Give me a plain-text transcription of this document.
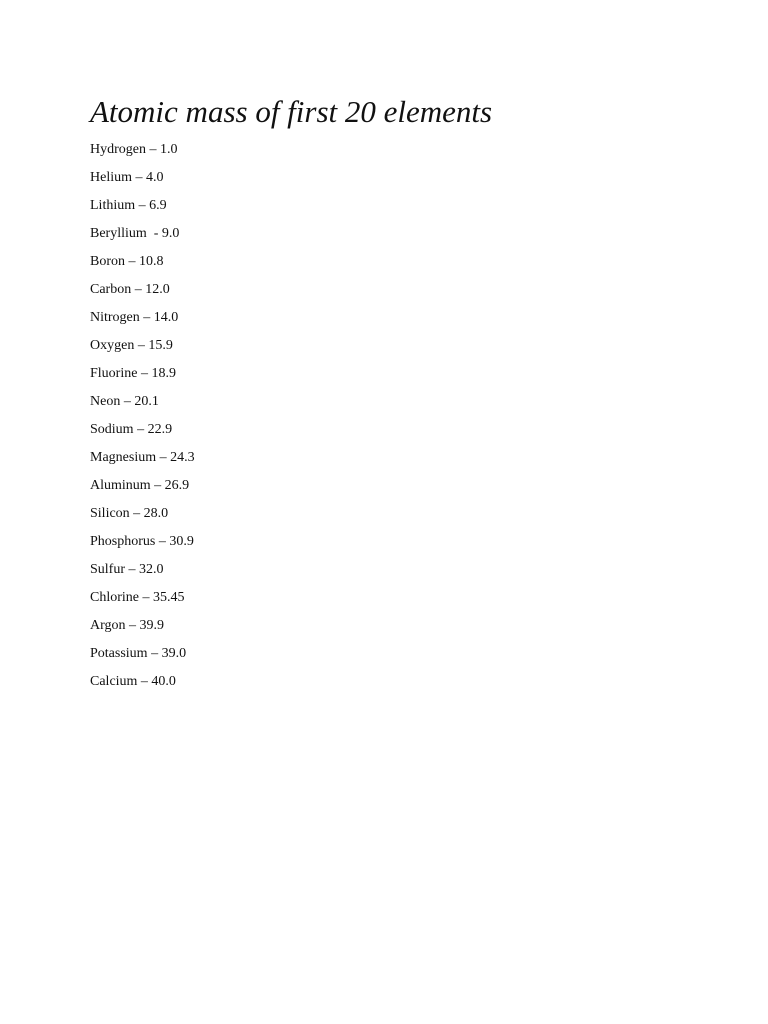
Atomic mass of first 20 elements
Hydrogen – 1.0
Helium – 4.0
Lithium – 6.9
Beryllium  - 9.0
Boron – 10.8
Carbon – 12.0
Nitrogen – 14.0
Oxygen – 15.9
Fluorine – 18.9
Neon – 20.1
Sodium – 22.9
Magnesium – 24.3
Aluminum – 26.9
Silicon – 28.0
Phosphorus – 30.9
Sulfur – 32.0
Chlorine – 35.45
Argon – 39.9
Potassium – 39.0
Calcium – 40.0
